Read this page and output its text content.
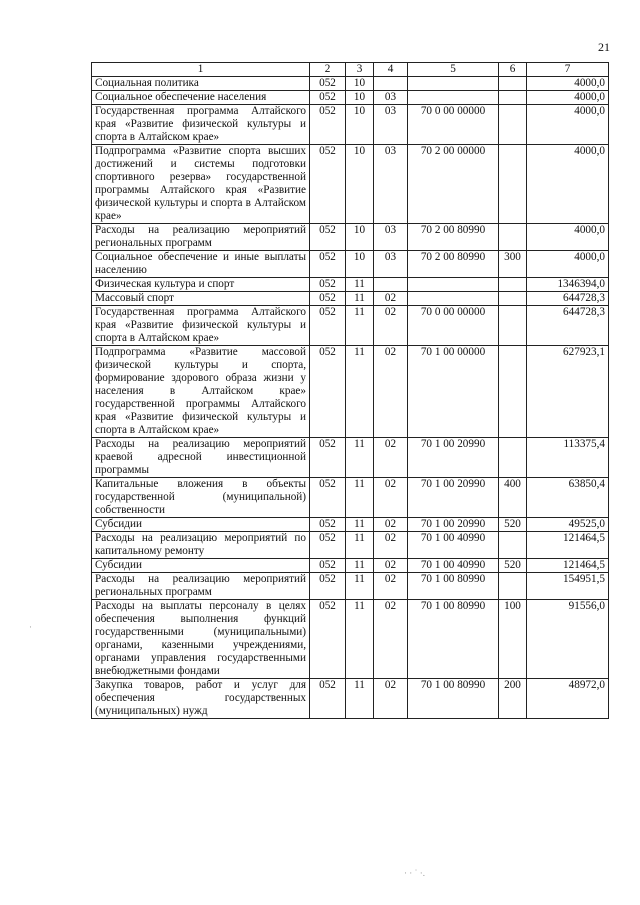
21
1	2	3	4	5	6	7
Социальная политика	052	10				4000,0
Социальное обеспечение населения	052	10	03			4000,0
Государственная программа Алтайского края «Развитие физической культуры и спорта в Алтайском крае»	052	10	03	70 0 00 00000		4000,0
Подпрограмма «Развитие спорта высших достижений и системы подготовки спортивного резерва» государственной программы Алтайского края «Развитие физической культуры и спорта в Алтайском крае»	052	10	03	70 2 00 00000		4000,0
Расходы на реализацию мероприятий региональных программ	052	10	03	70 2 00 80990		4000,0
Социальное обеспечение и иные выплаты населению	052	10	03	70 2 00 80990	300	4000,0
Физическая культура и спорт	052	11				1346394,0
Массовый спорт	052	11	02			644728,3
Государственная программа Алтайского края «Развитие физической культуры и спорта в Алтайском крае»	052	11	02	70 0 00 00000		644728,3
Подпрограмма «Развитие массовой физической культуры и спорта, формирование здорового образа жизни у населения в Алтайском крае» государственной программы Алтайского края «Развитие физической культуры и спорта в Алтайском крае»	052	11	02	70 1 00 00000		627923,1
Расходы на реализацию мероприятий краевой адресной инвестиционной программы	052	11	02	70 1 00 20990		113375,4
Капитальные вложения в объекты государственной (муниципальной) собственности	052	11	02	70 1 00 20990	400	63850,4
Субсидии	052	11	02	70 1 00 20990	520	49525,0
Расходы на реализацию мероприятий по капитальному ремонту	052	11	02	70 1 00 40990		121464,5
Субсидии	052	11	02	70 1 00 40990	520	121464,5
Расходы на реализацию мероприятий региональных программ	052	11	02	70 1 00 80990		154951,5
Расходы на выплаты персоналу в целях обеспечения выполнения функций государственными (муниципальными) органами, казенными учреждениями, органами управления государственными внебюджетными фондами	052	11	02	70 1 00 80990	100	91556,0
Закупка товаров, работ и услуг для обеспечения государственных (муниципальных) нужд	052	11	02	70 1 00 80990	200	48972,0
· · ˙ ·.
·
